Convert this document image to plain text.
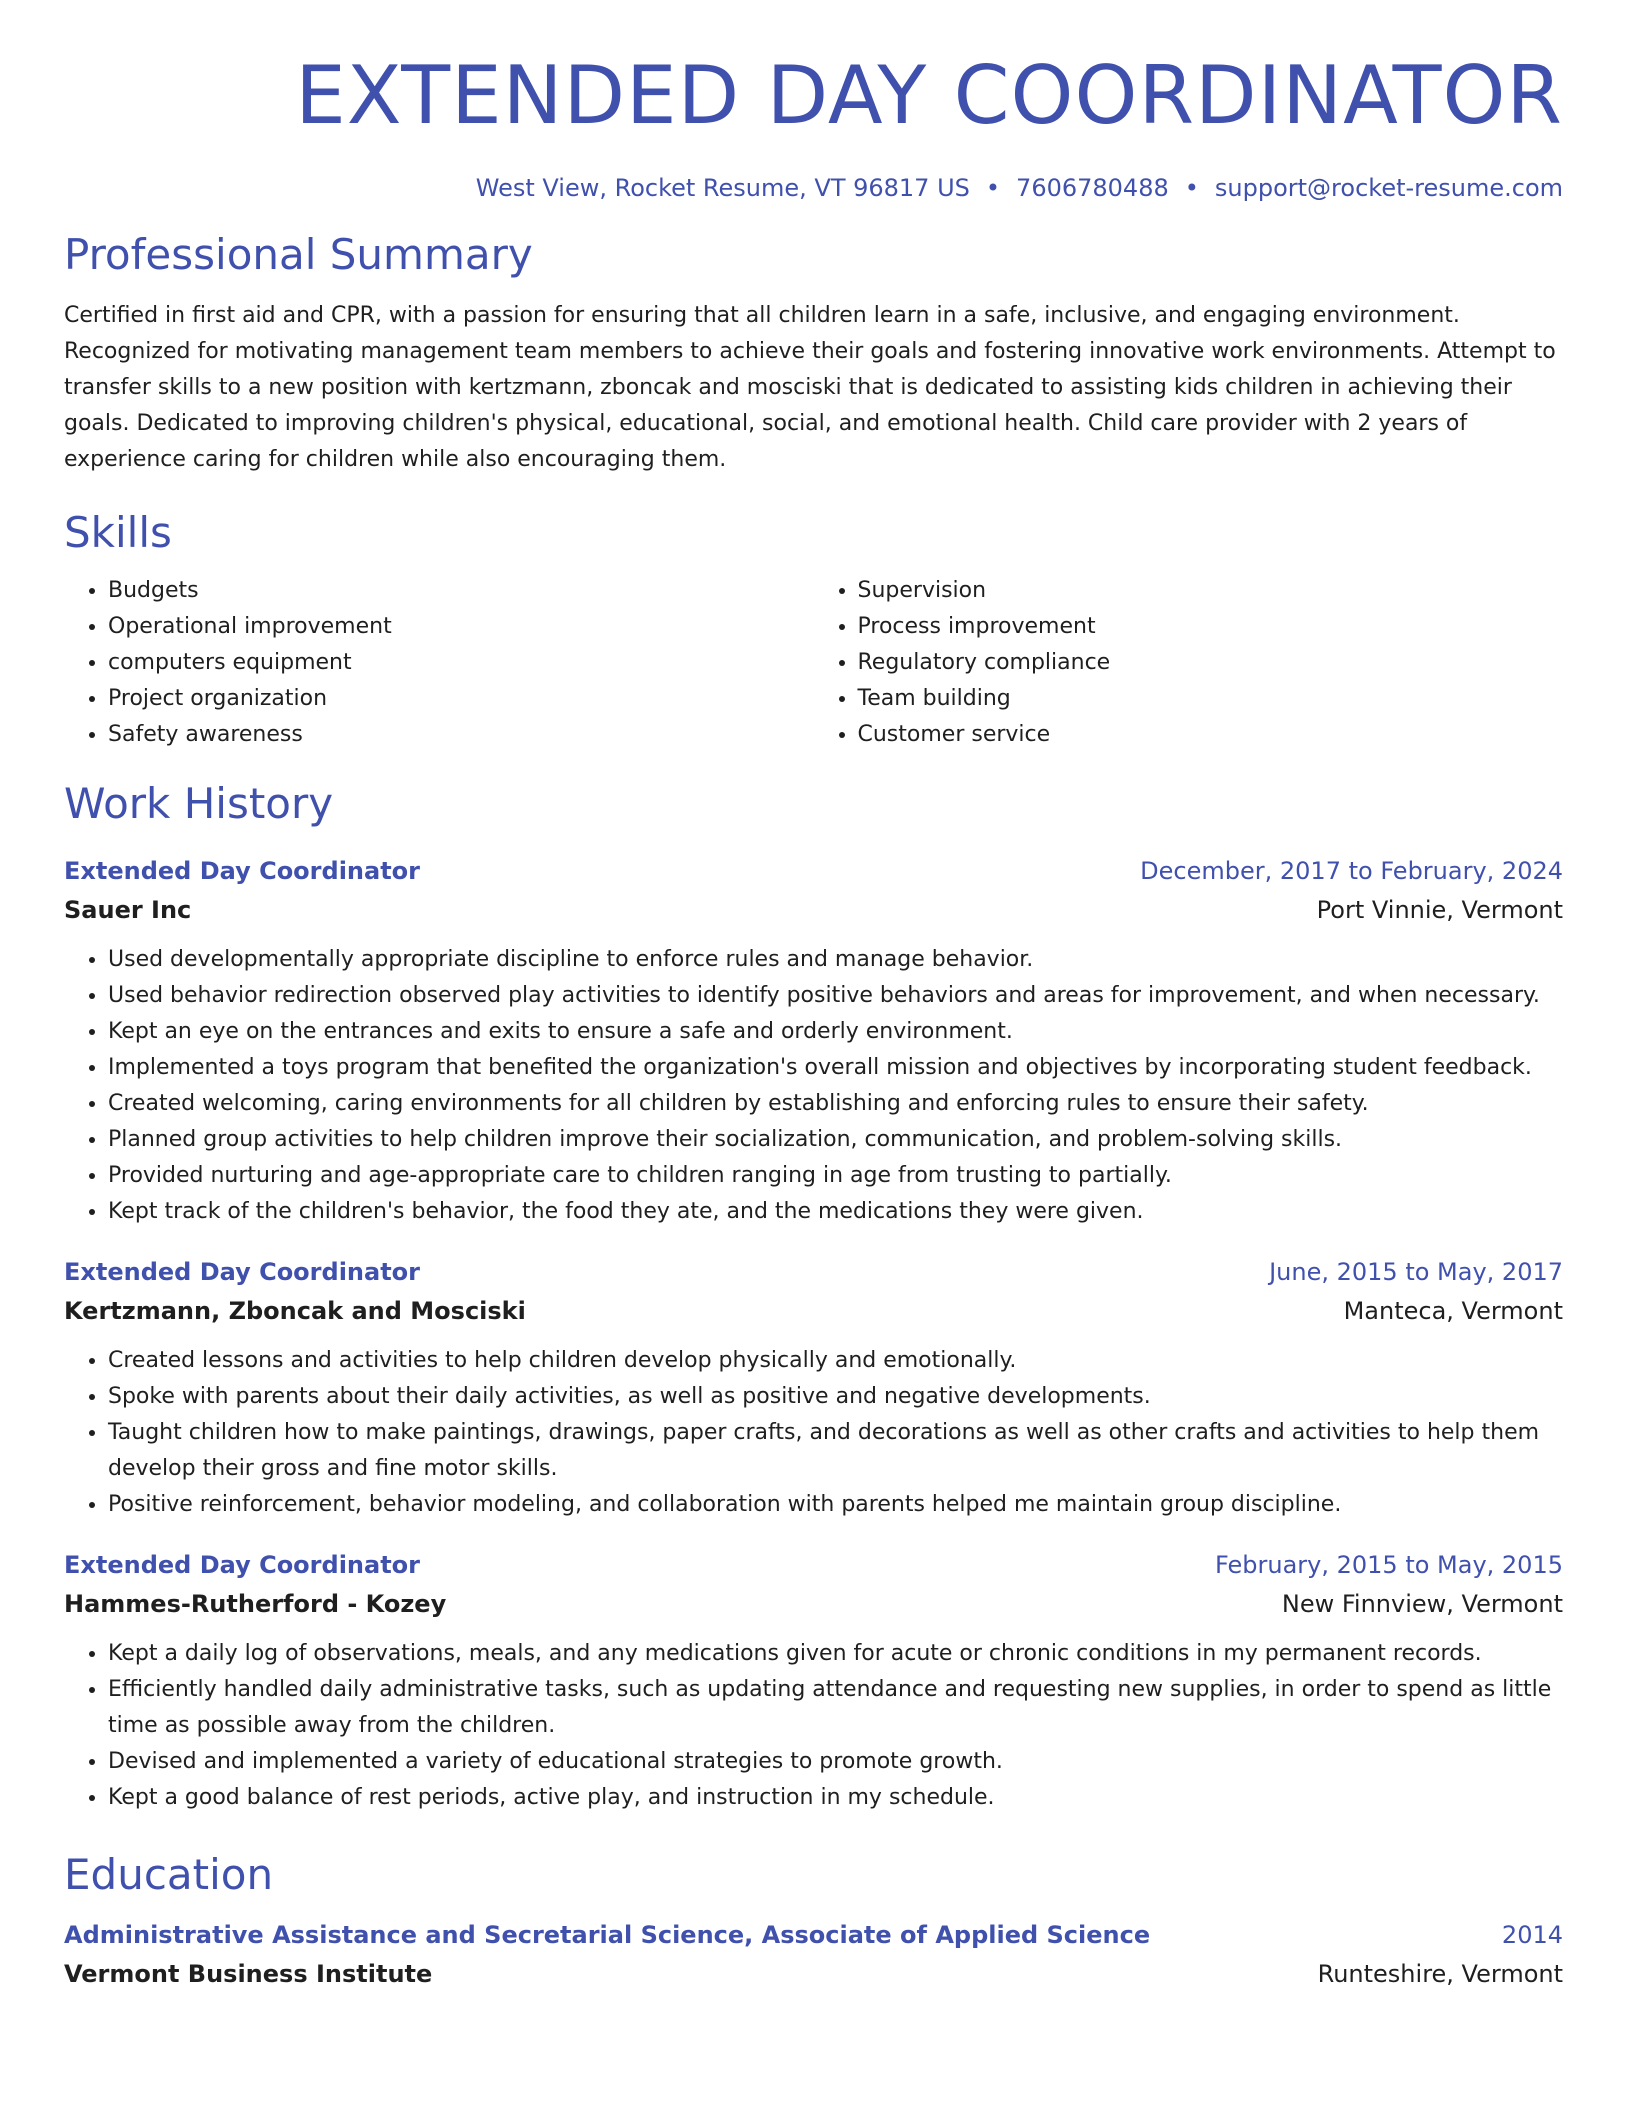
EXTENDED DAY COORDINATOR
West View, Rocket Resume, VT 96817 US • 7606780488 • support@rocket-resume.com
Professional Summary
Certified in first aid and CPR, with a passion for ensuring that all children learn in a safe, inclusive, and engaging environment. Recognized for motivating management team members to achieve their goals and fostering innovative work environments. Attempt to transfer skills to a new position with kertzmann, zboncak and mosciski that is dedicated to assisting kids children in achieving their goals. Dedicated to improving children's physical, educational, social, and emotional health. Child care provider with 2 years of experience caring for children while also encouraging them.
Skills
• Budgets
• Operational improvement
• computers equipment
• Project organization
• Safety awareness
• Supervision
• Process improvement
• Regulatory compliance
• Team building
• Customer service
Work History
Extended Day Coordinator	December, 2017 to February, 2024
Sauer Inc	Port Vinnie, Vermont
• Used developmentally appropriate discipline to enforce rules and manage behavior.
• Used behavior redirection observed play activities to identify positive behaviors and areas for improvement, and when necessary.
• Kept an eye on the entrances and exits to ensure a safe and orderly environment.
• Implemented a toys program that benefited the organization's overall mission and objectives by incorporating student feedback.
• Created welcoming, caring environments for all children by establishing and enforcing rules to ensure their safety.
• Planned group activities to help children improve their socialization, communication, and problem-solving skills.
• Provided nurturing and age-appropriate care to children ranging in age from trusting to partially.
• Kept track of the children's behavior, the food they ate, and the medications they were given.
Extended Day Coordinator	June, 2015 to May, 2017
Kertzmann, Zboncak and Mosciski	Manteca, Vermont
• Created lessons and activities to help children develop physically and emotionally.
• Spoke with parents about their daily activities, as well as positive and negative developments.
• Taught children how to make paintings, drawings, paper crafts, and decorations as well as other crafts and activities to help them develop their gross and fine motor skills.
• Positive reinforcement, behavior modeling, and collaboration with parents helped me maintain group discipline.
Extended Day Coordinator	February, 2015 to May, 2015
Hammes-Rutherford - Kozey	New Finnview, Vermont
• Kept a daily log of observations, meals, and any medications given for acute or chronic conditions in my permanent records.
• Efficiently handled daily administrative tasks, such as updating attendance and requesting new supplies, in order to spend as little time as possible away from the children.
• Devised and implemented a variety of educational strategies to promote growth.
• Kept a good balance of rest periods, active play, and instruction in my schedule.
Education
Administrative Assistance and Secretarial Science, Associate of Applied Science	2014
Vermont Business Institute	Runteshire, Vermont
